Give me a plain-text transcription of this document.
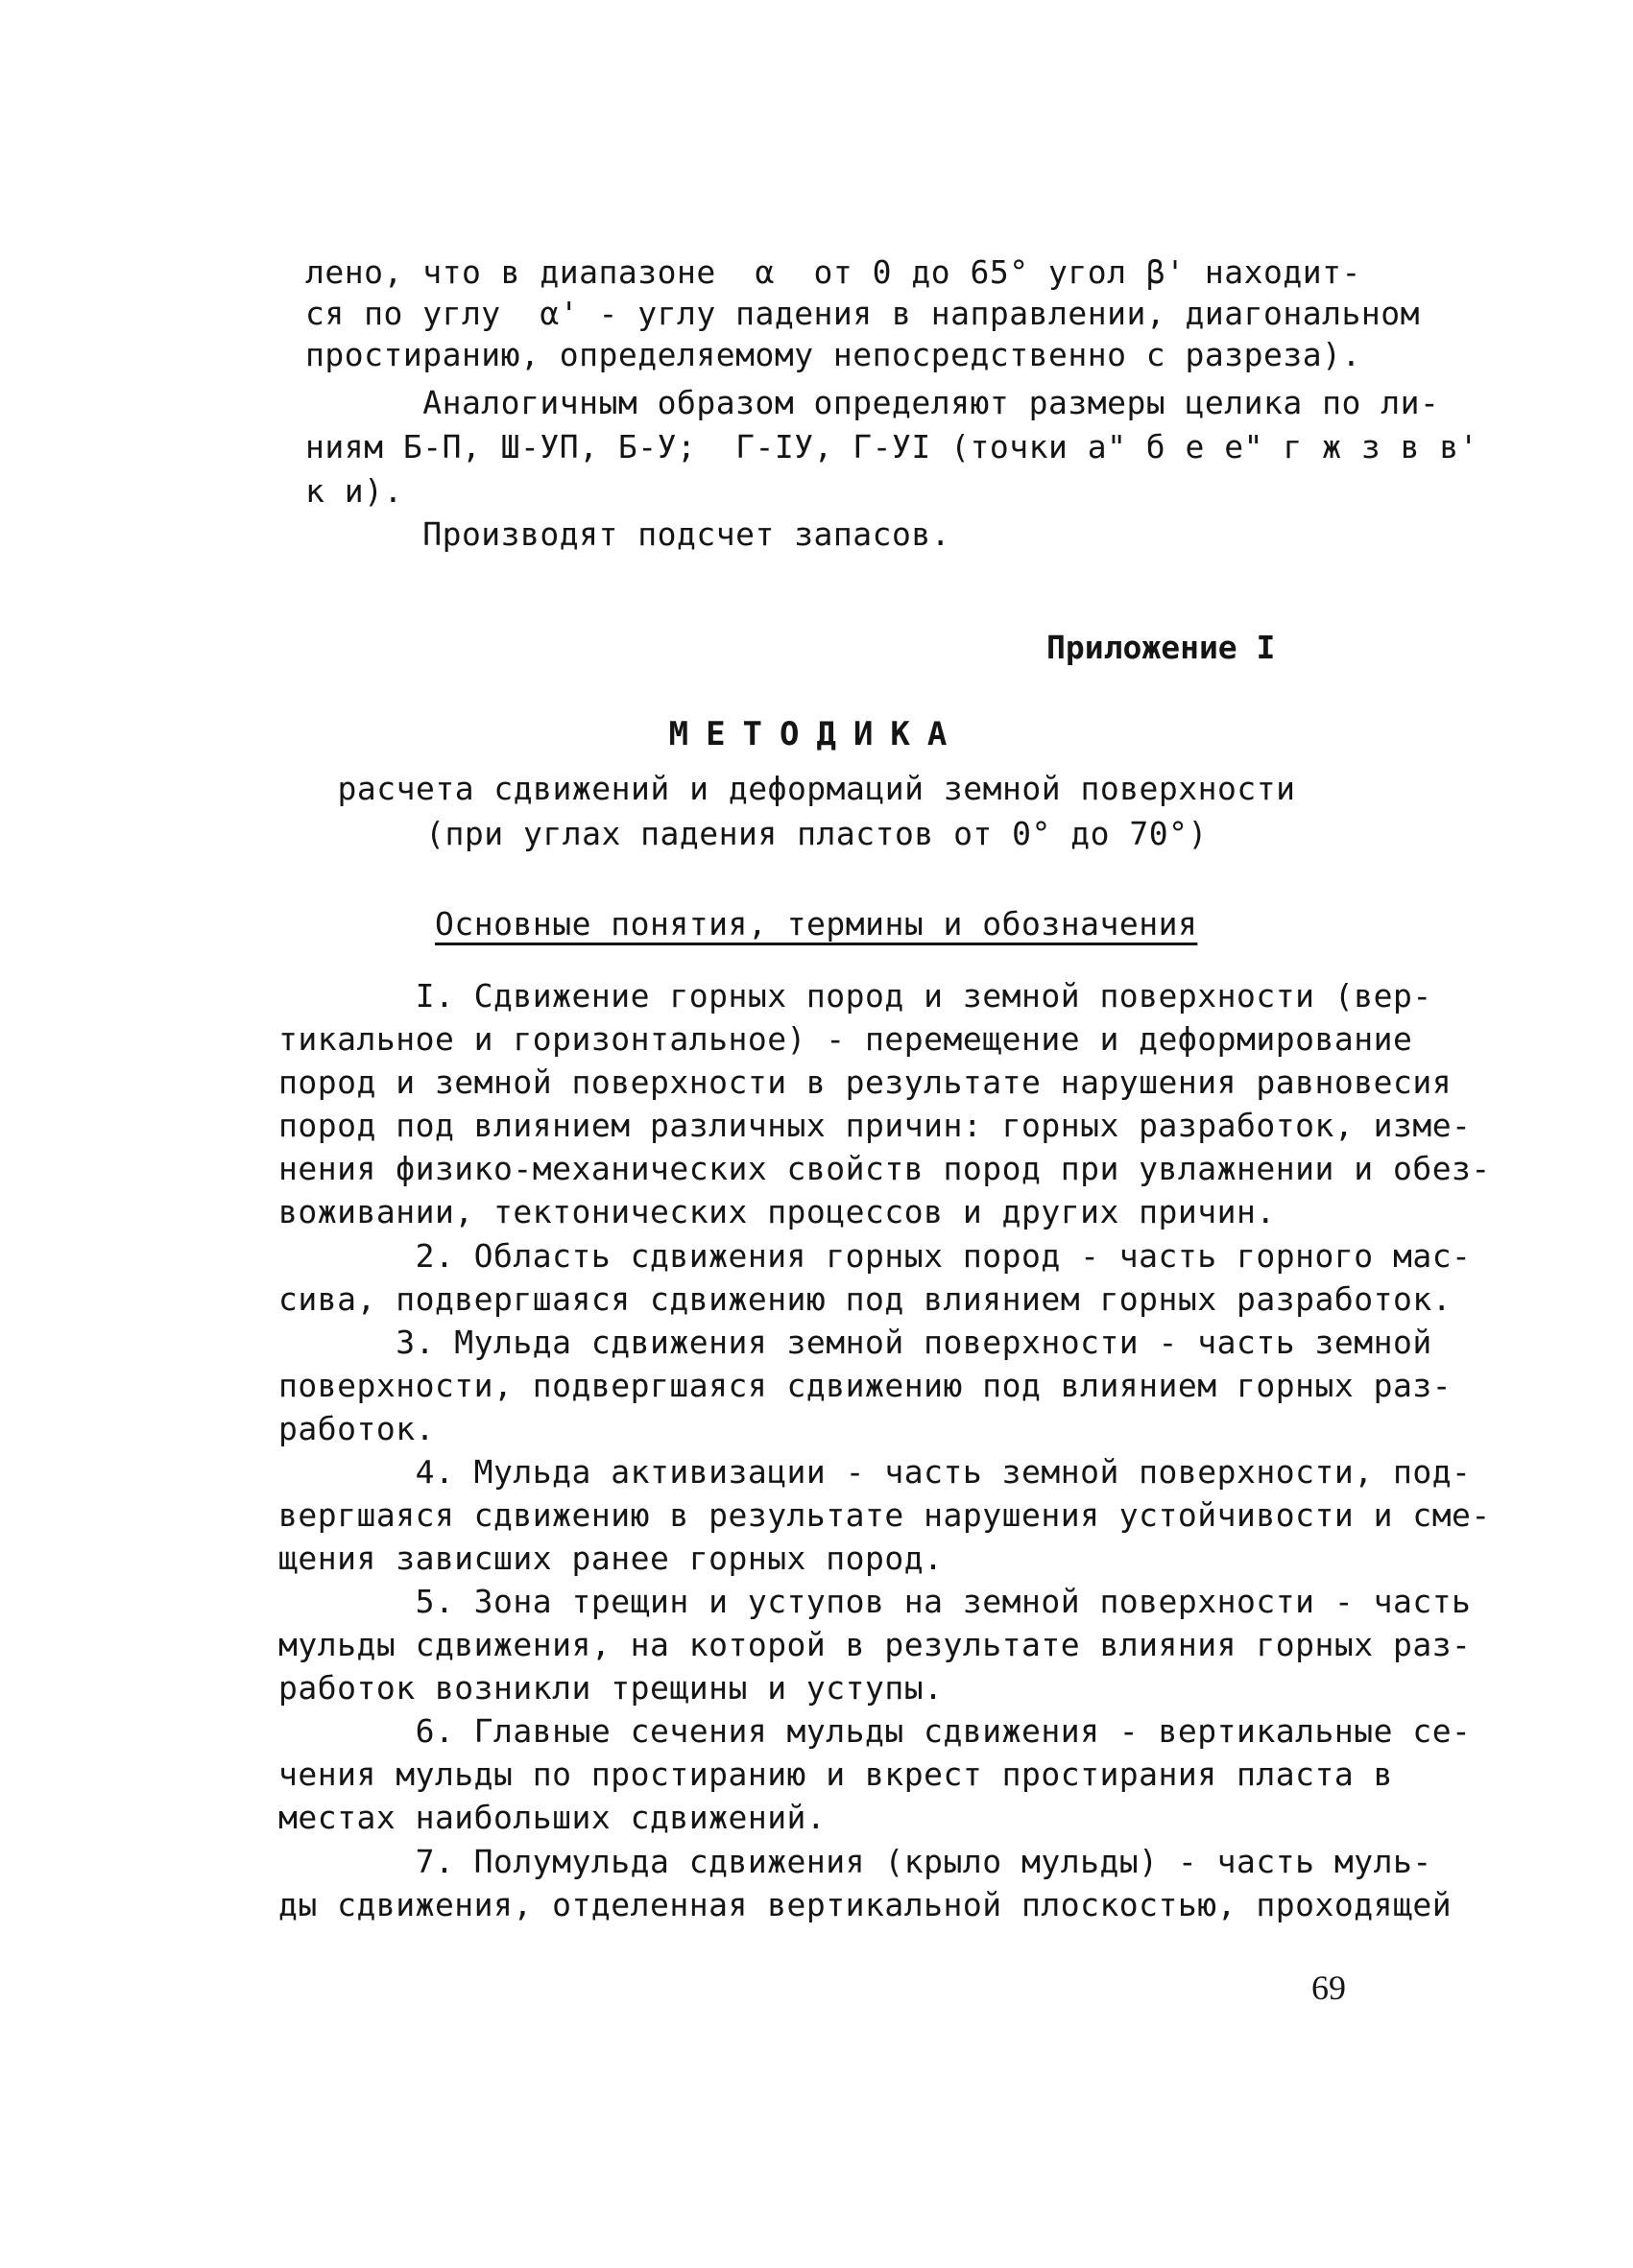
лено, что в диапазоне  α  от 0 до 65° угол β' находит-
ся по углу  α' - углу падения в направлении, диагональном
простиранию, определяемому непосредственно с разреза).
Аналогичным образом определяют размеры целика по ли-
ниям Б-П, Ш-УП, Б-У;  Г-IУ, Г-УI (точки а" б е е" г ж з в в'
к и).
Производят подсчет запасов.
Приложение I
МЕТОДИКА
расчета сдвижений и деформаций земной поверхности
(при углах падения пластов от 0° до 70°)
Основные понятия, термины и обозначения
I. Сдвижение горных пород и земной поверхности (вер-
тикальное и горизонтальное) - перемещение и деформирование
пород и земной поверхности в результате нарушения равновесия
пород под влиянием различных причин: горных разработок, изме-
нения физико-механических свойств пород при увлажнении и обез-
воживании, тектонических процессов и других причин.
2. Область сдвижения горных пород - часть горного мас-
сива, подвергшаяся сдвижению под влиянием горных разработок.
3. Мульда сдвижения земной поверхности - часть земной
поверхности, подвергшаяся сдвижению под влиянием горных раз-
работок.
4. Мульда активизации - часть земной поверхности, под-
вергшаяся сдвижению в результате нарушения устойчивости и сме-
щения зависших ранее горных пород.
5. Зона трещин и уступов на земной поверхности - часть
мульды сдвижения, на которой в результате влияния горных раз-
работок возникли трещины и уступы.
6. Главные сечения мульды сдвижения - вертикальные се-
чения мульды по простиранию и вкрест простирания пласта в
местах наибольших сдвижений.
7. Полумульда сдвижения (крыло мульды) - часть муль-
ды сдвижения, отделенная вертикальной плоскостью, проходящей
69
